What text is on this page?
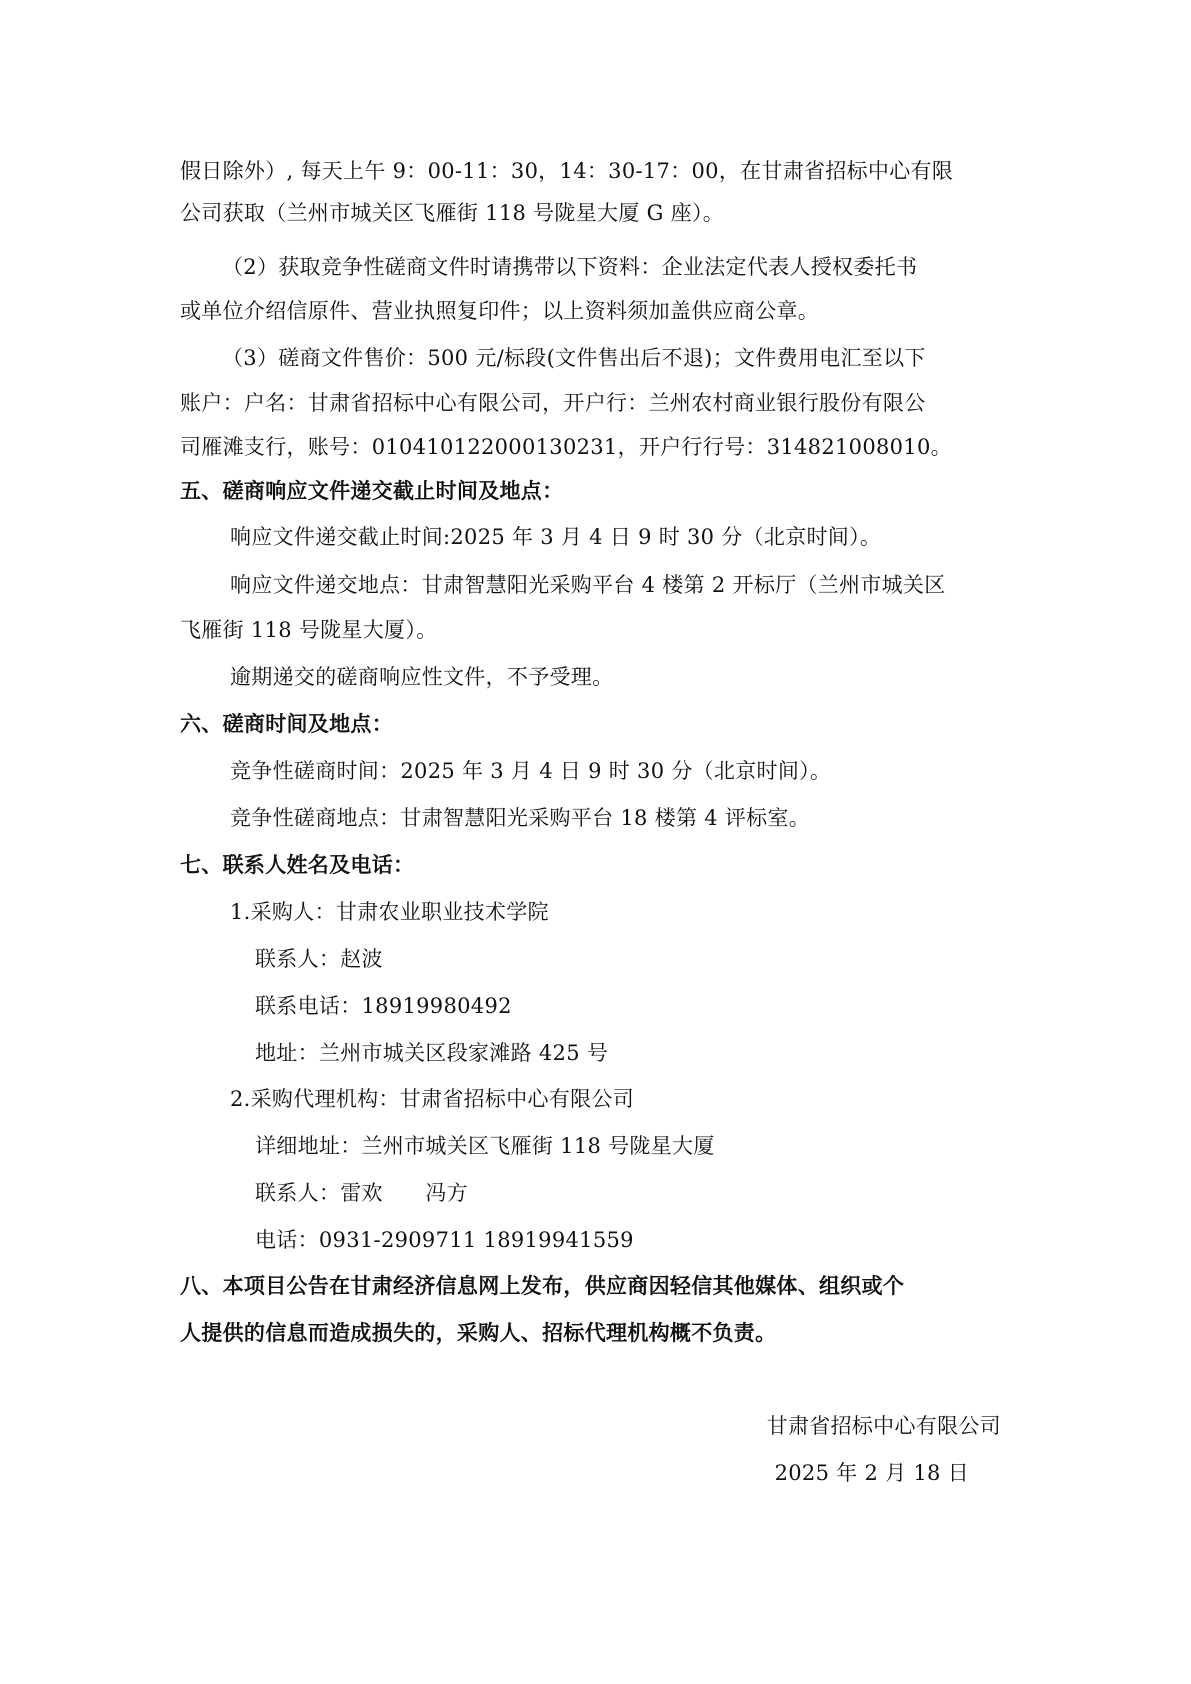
假日除外）, 每天上午 9：00-11：30，14：30-17：00，在甘肃省招标中心有限

公司获取（兰州市城关区飞雁街 118 号陇星大厦 G 座）。

（2）获取竞争性磋商文件时请携带以下资料：企业法定代表人授权委托书

或单位介绍信原件、营业执照复印件；以上资料须加盖供应商公章。

（3）磋商文件售价：500 元/标段(文件售出后不退)；文件费用电汇至以下

账户：户名：甘肃省招标中心有限公司，开户行：兰州农村商业银行股份有限公

司雁滩支行，账号：010410122000130231，开户行行号：314821008010。

五、磋商响应文件递交截止时间及地点：

响应文件递交截止时间:2025 年 3 月 4 日 9 时 30 分（北京时间）。

响应文件递交地点：甘肃智慧阳光采购平台 4 楼第 2 开标厅（兰州市城关区

飞雁街 118 号陇星大厦）。

逾期递交的磋商响应性文件，不予受理。

六、磋商时间及地点：

竞争性磋商时间：2025 年 3 月 4 日 9 时 30 分（北京时间）。

竞争性磋商地点：甘肃智慧阳光采购平台 18 楼第 4 评标室。

七、联系人姓名及电话：

1.采购人：甘肃农业职业技术学院

联系人：赵波

联系电话：18919980492

地址：兰州市城关区段家滩路 425 号

2.采购代理机构：甘肃省招标中心有限公司

详细地址：兰州市城关区飞雁街 118 号陇星大厦

联系人：雷欢　　冯方

电话：0931-2909711 18919941559

八、本项目公告在甘肃经济信息网上发布，供应商因轻信其他媒体、组织或个

人提供的信息而造成损失的，采购人、招标代理机构概不负责。

甘肃省招标中心有限公司

2025 年 2 月 18 日
